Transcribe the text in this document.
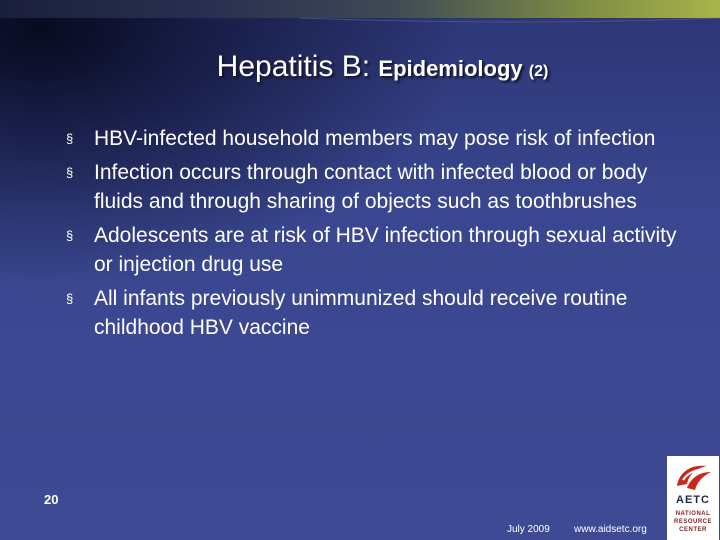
Hepatitis B: Epidemiology (2)
§ HBV-infected household members may pose risk of infection
§ Infection occurs through contact with infected blood or body fluids and through sharing of objects such as toothbrushes
§ Adolescents are at risk of HBV infection through sexual activity or injection drug use
§ All infants previously unimmunized should receive routine childhood HBV vaccine
20
July 2009 www.aidsetc.org
AETC
NATIONAL
RESOURCE
CENTER
